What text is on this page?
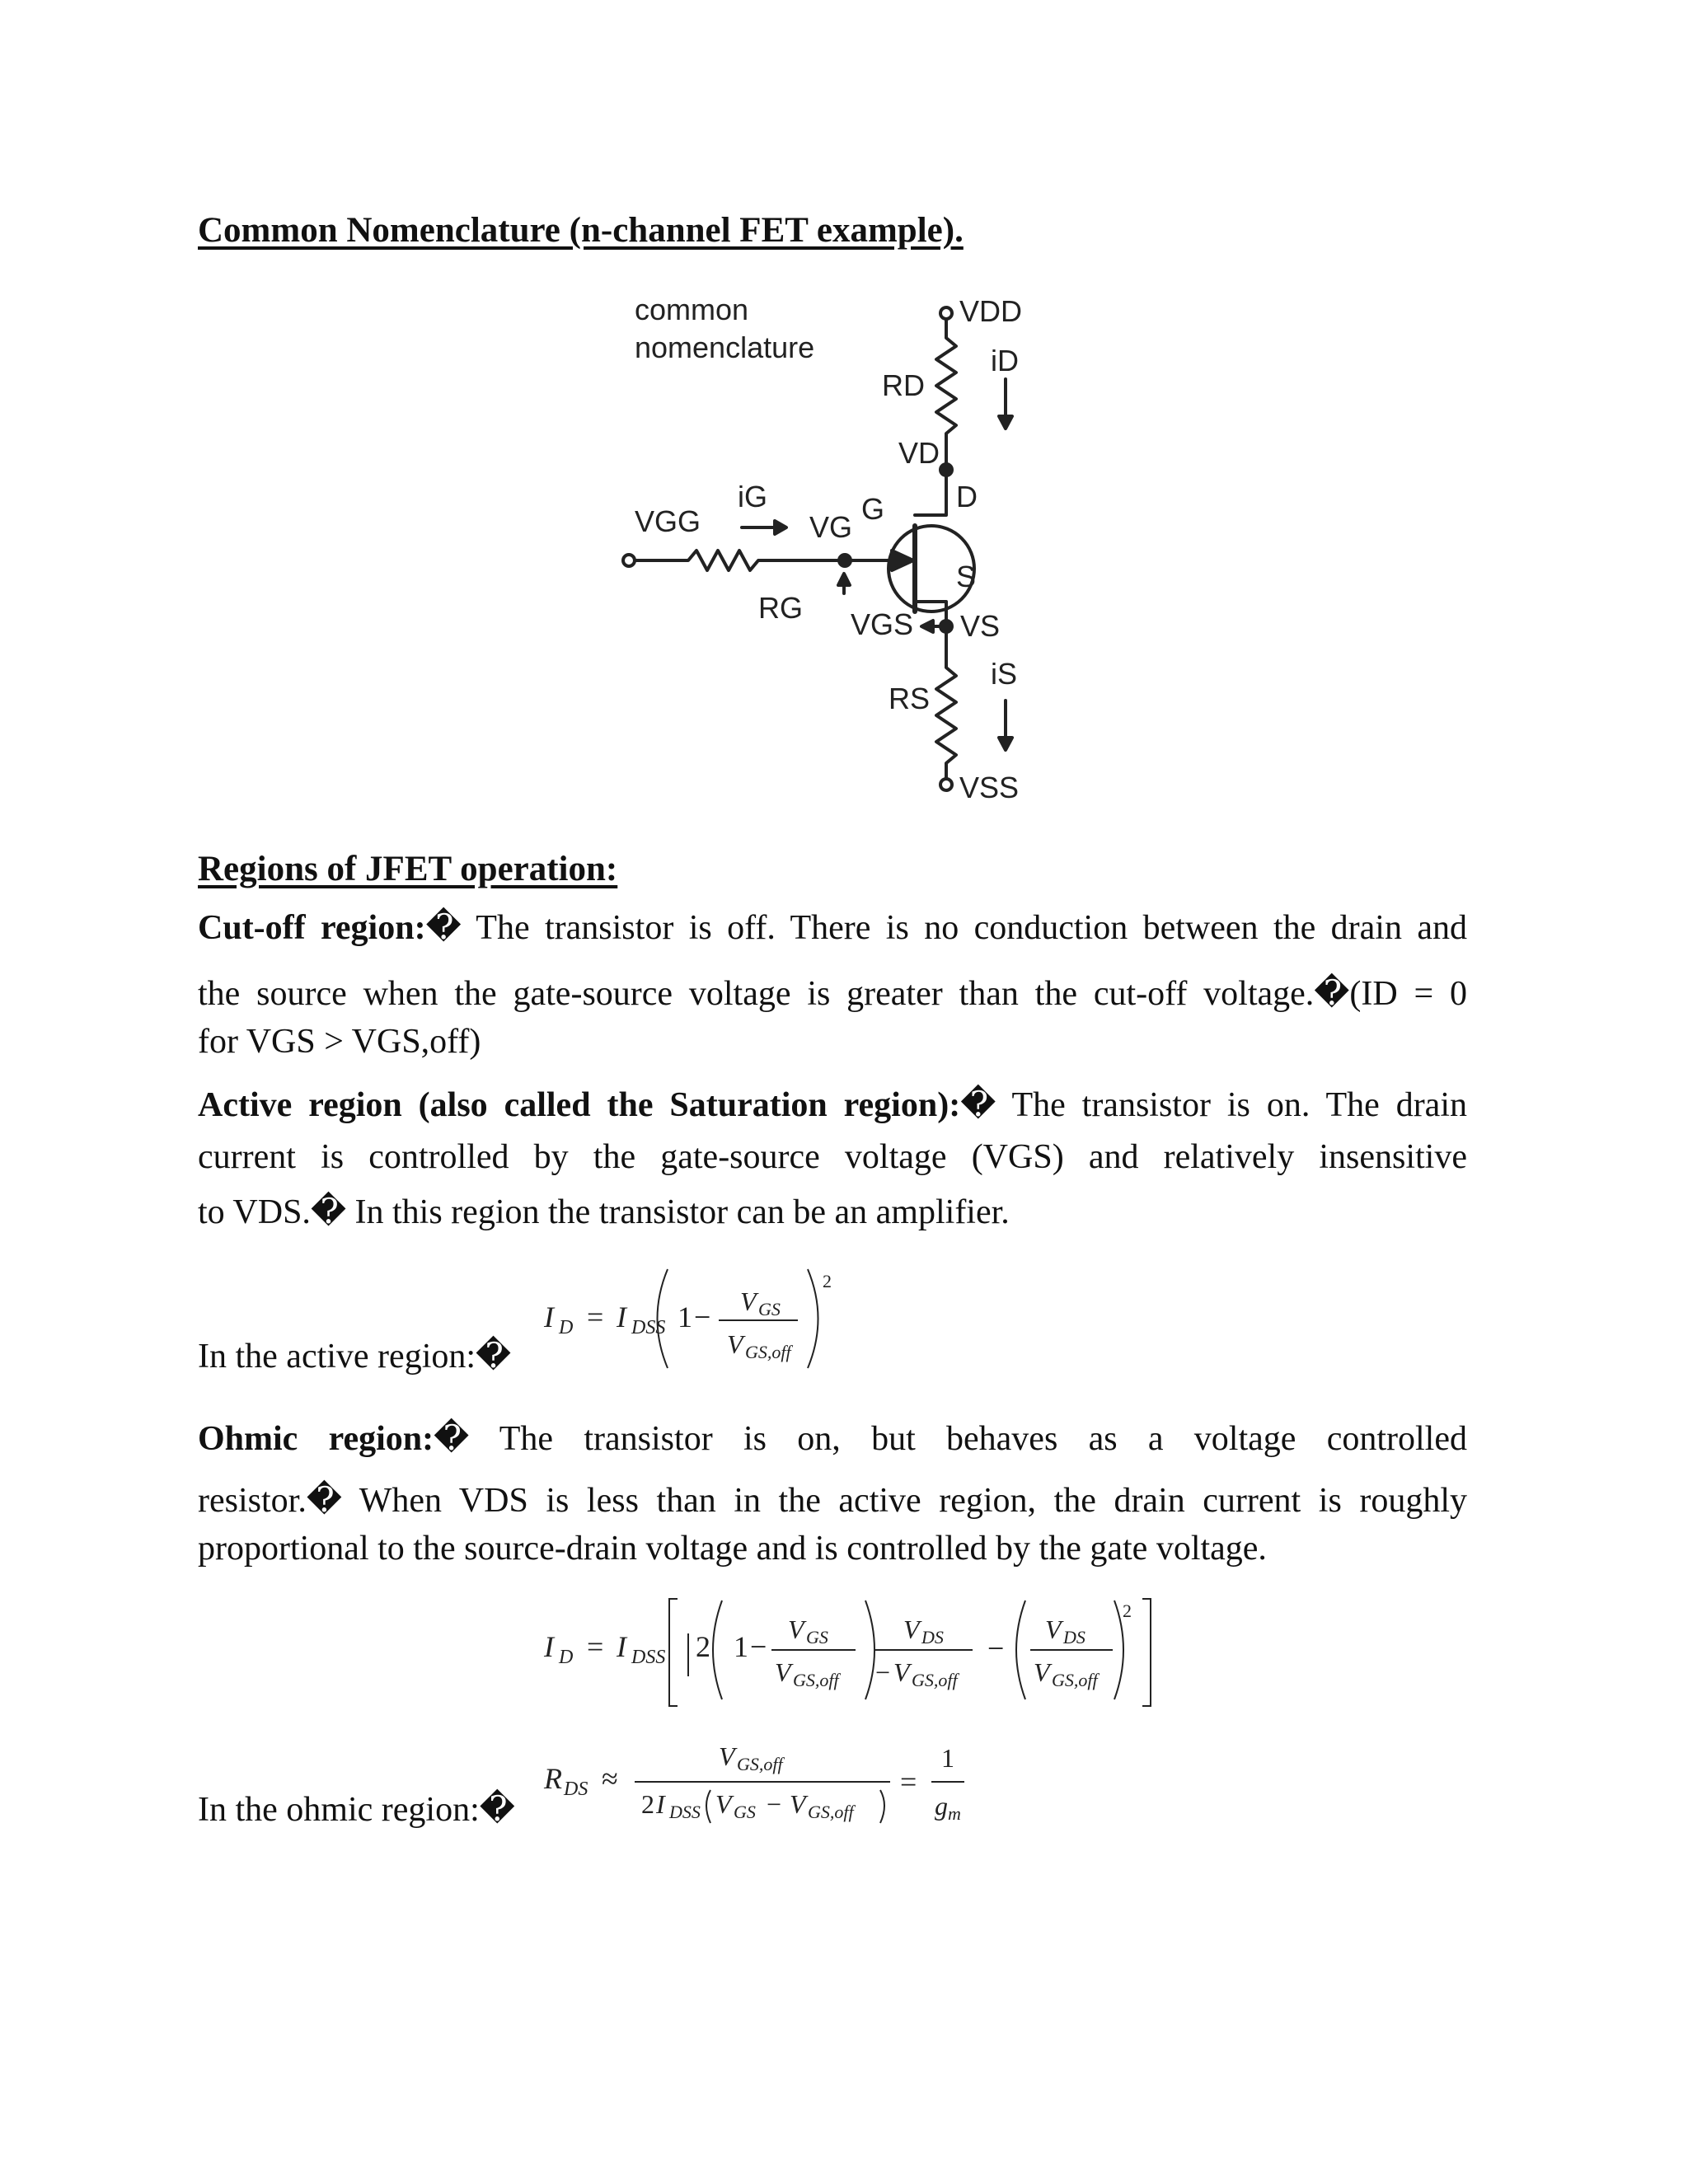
Common Nomenclature (n-channel FET example).
common
nomenclature
VDD
iD
RD
VD
D
iG
VGG	VG
G
RG VGS
S
VS
iS
RS
VSS
Regions of JFET operation:
Cut-off region:� The transistor is off. There is no conduction between the drain and
the source when the gate-source voltage is greater than the cut-off voltage.�(ID = 0
for VGS > VGS,off)
Active region (also called the Saturation region):� The transistor is on. The drain
current is controlled by the gate-source voltage (VGS) and relatively insensitive
to VDS.� In this region the transistor can be an amplifier.
I D = I DSS 1 − V GS
V GS,off
2
In the active region:�
Ohmic region:� The transistor is on, but behaves as a voltage controlled
resistor.� When VDS is less than in the active region, the drain current is roughly
proportional to the source-drain voltage and is controlled by the gate voltage.
I D = I DSS 2 1 −
V GS
V GS,off
V DS
− V GS,off
−
V DS
V GS,off
2
R DS ≈
V GS,off
2 I DSS V GS − V GS,off
=
1
g m
In the ohmic region:�
